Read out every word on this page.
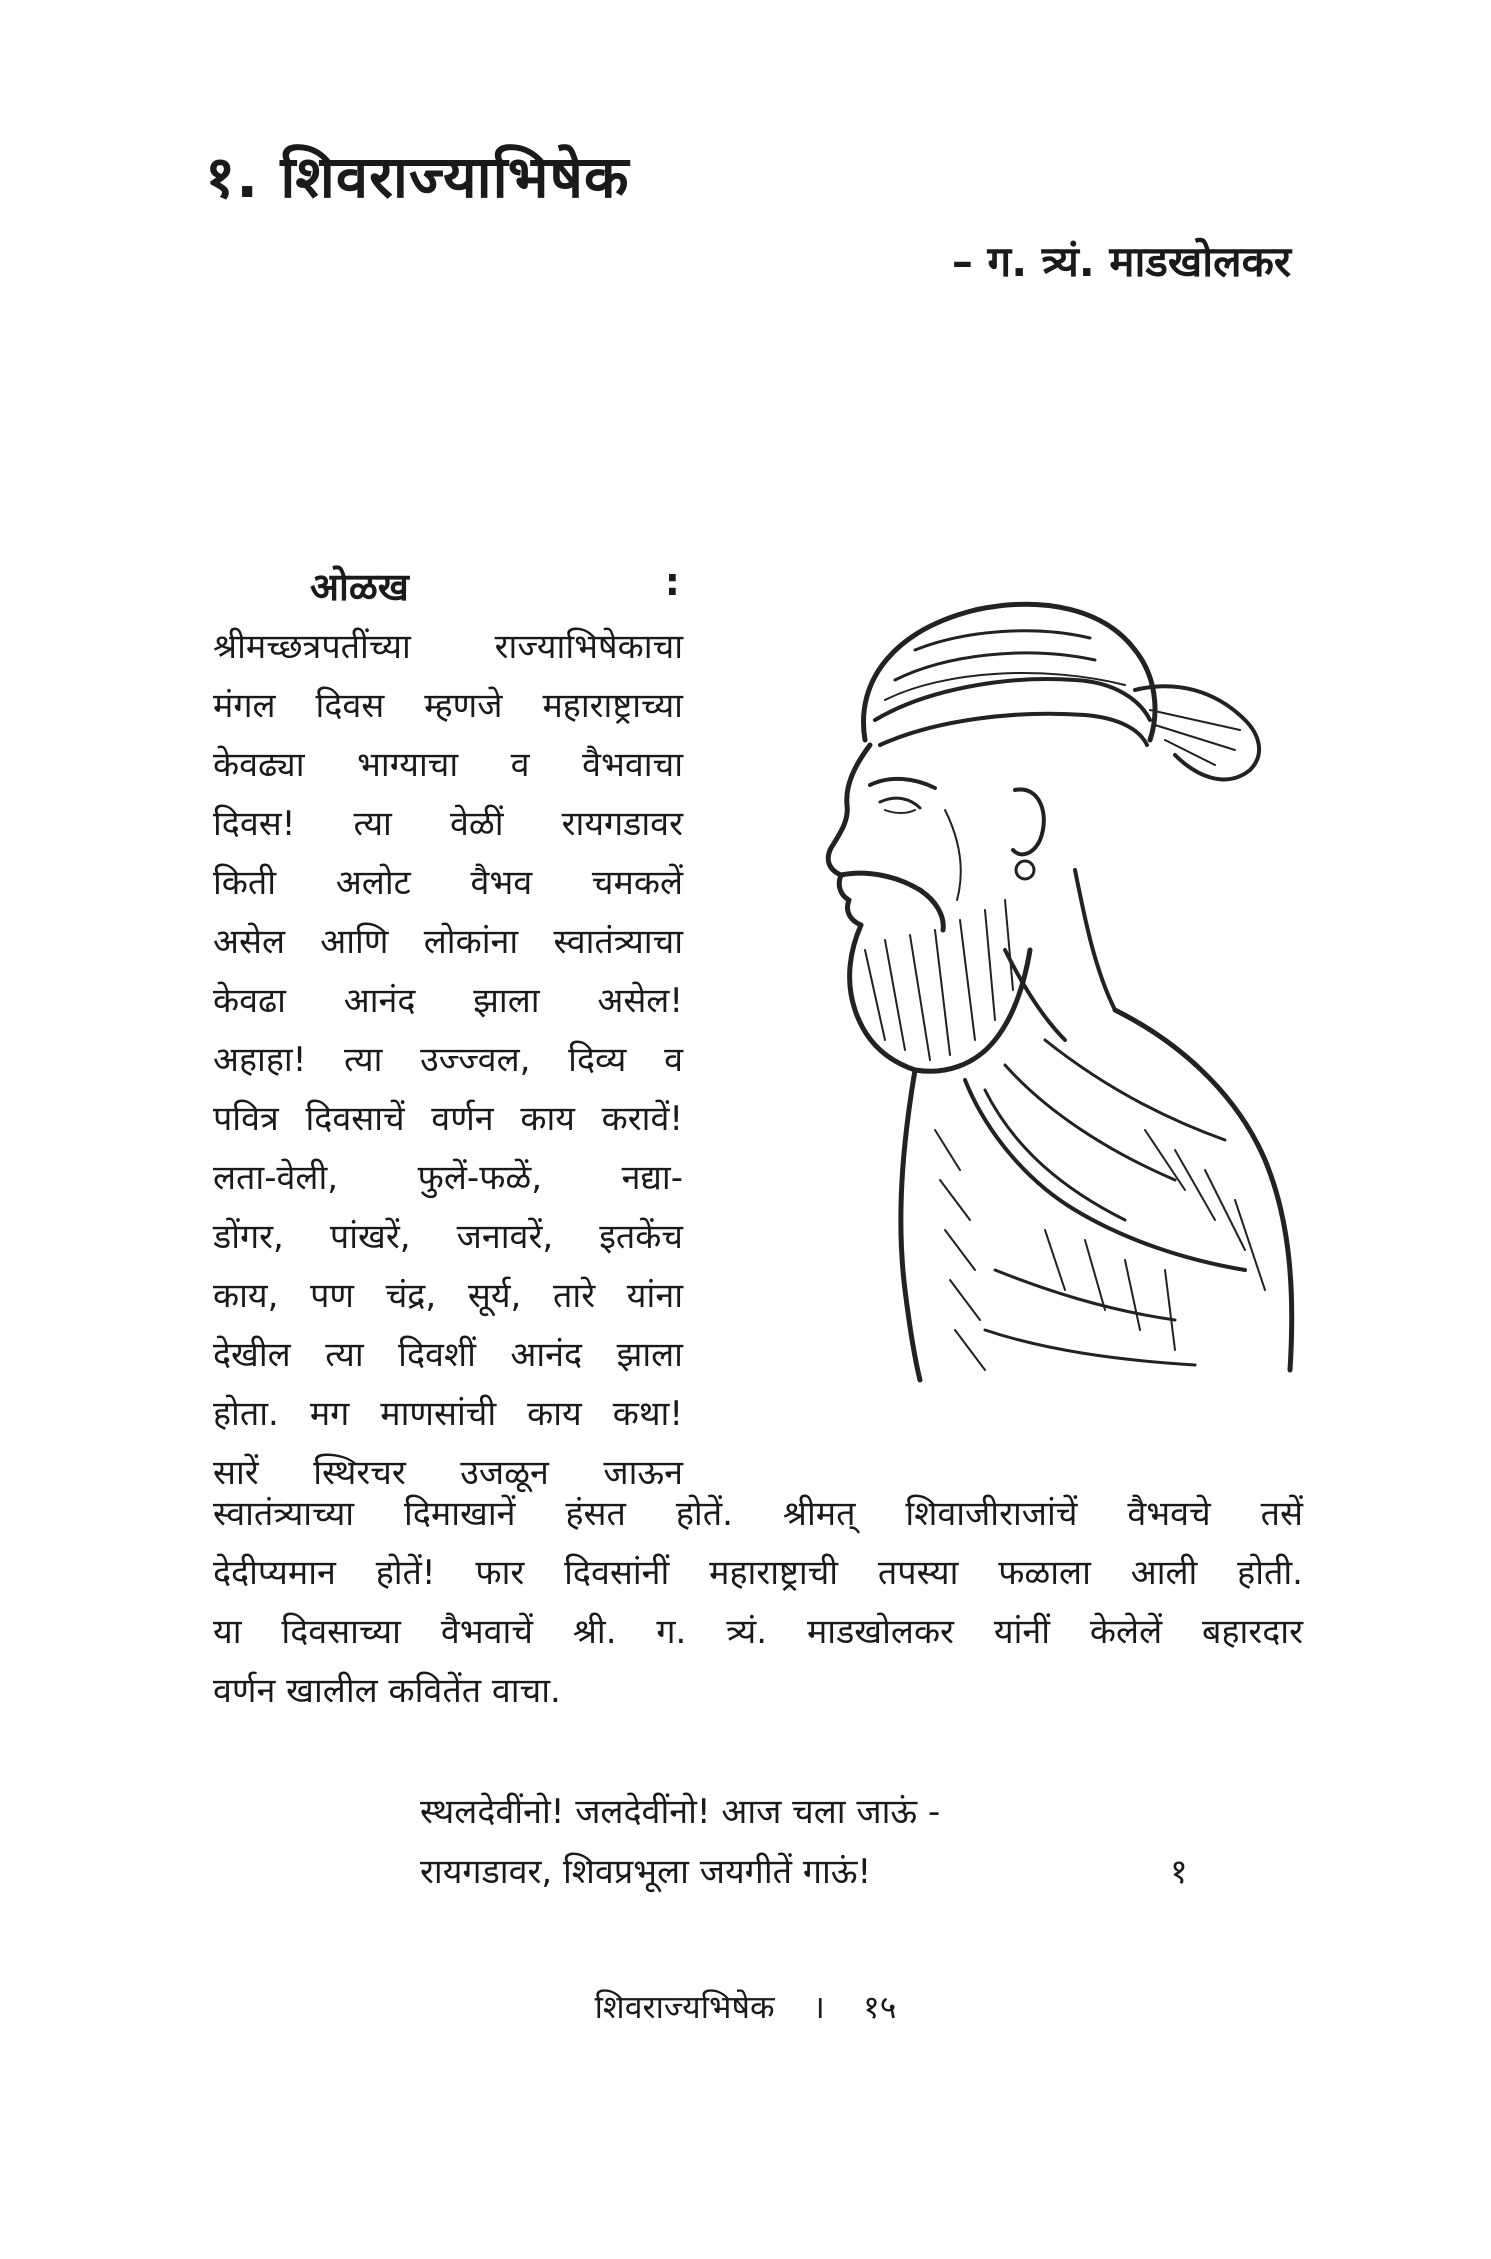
१. शिवराज्याभिषेक
– ग. त्र्यं. माडखोलकर
ओळख	:
श्रीमच्छत्रपतींच्या राज्याभिषेकाचा
मंगल दिवस म्हणजे महाराष्ट्राच्या
केवढ्या भाग्याचा व वैभवाचा
दिवस! त्या वेळीं रायगडावर
किती अलोट वैभव चमकलें
असेल आणि लोकांना स्वातंत्र्याचा
केवढा आनंद झाला असेल!
अहाहा! त्या उज्ज्वल, दिव्य व
पवित्र दिवसाचें वर्णन काय करावें!
लता-वेली, फुलें-फळें, नद्या-
डोंगर, पांखरें, जनावरें, इतकेंच
काय, पण चंद्र, सूर्य, तारे यांना
देखील त्या दिवशीं आनंद झाला
होता. मग माणसांची काय कथा!
सारें स्थिरचर उजळून जाऊन
स्वातंत्र्याच्या दिमाखानें हंसत होतें. श्रीमत् शिवाजीराजांचें वैभवचे तसें
देदीप्यमान होतें! फार दिवसांनीं महाराष्ट्राची तपस्या फळाला आली होती.
या दिवसाच्या वैभवाचें श्री. ग. त्र्यं. माडखोलकर यांनीं केलेलें बहारदार
वर्णन खालील कवितेंत वाचा.
स्थलदेवींनो! जलदेवींनो! आज चला जाऊं -
रायगडावर, शिवप्रभूला जयगीतें गाऊं!	१
शिवराज्यभिषेक । १५
